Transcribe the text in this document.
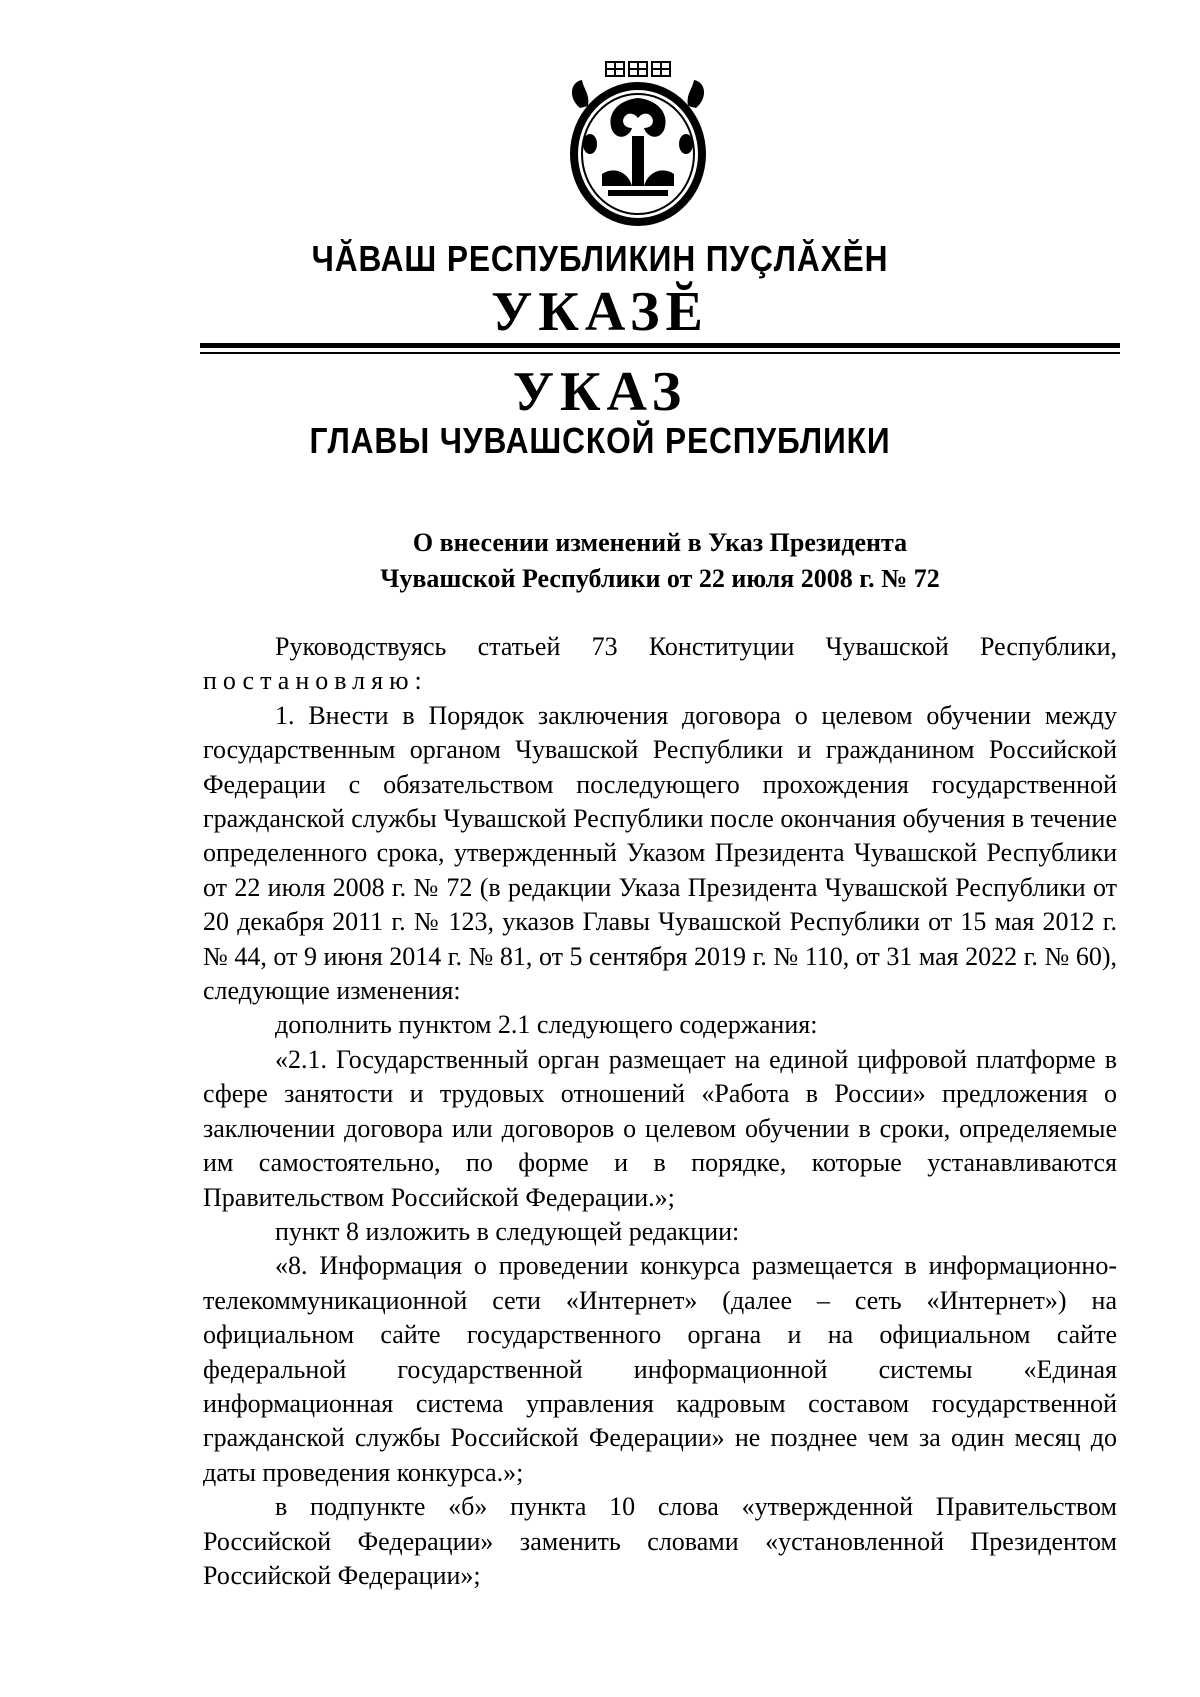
ЧĂВАШ РЕСПУБЛИКИН ПУÇЛĂХĔН
УКАЗĔ
УКАЗ
ГЛАВЫ ЧУВАШСКОЙ РЕСПУБЛИКИ
О внесении изменений в Указ Президента
Чувашской Республики от 22 июля 2008 г. № 72

Руководствуясь статьей 73 Конституции Чувашской Республики,

постановляю:

1. Внести в Порядок заключения договора о целевом обучении между государственным органом Чувашской Республики и гражданином Российской Федерации с обязательством последующего прохождения государственной гражданской службы Чувашской Республики после окончания обучения в течение определенного срока, утвержденный Указом Президента Чувашской Республики от 22 июля 2008 г. № 72 (в редакции Указа Президента Чувашской Республики от 20 декабря 2011 г. № 123, указов Главы Чувашской Республики от 15 мая 2012 г. № 44, от 9 июня 2014 г. № 81, от 5 сентября 2019 г. № 110, от 31 мая 2022 г. № 60), следующие изменения:

дополнить пунктом 2.1 следующего содержания:

«2.1. Государственный орган размещает на единой цифровой платформе в сфере занятости и трудовых отношений «Работа в России» предложения о заключении договора или договоров о целевом обучении в сроки, определяемые им самостоятельно, по форме и в порядке, которые устанавливаются Правительством Российской Федерации.»;

пункт 8 изложить в следующей редакции:

«8. Информация о проведении конкурса размещается в информационно-телекоммуникационной сети «Интернет» (далее – сеть «Интернет») на официальном сайте государственного органа и на официальном сайте федеральной государственной информационной системы «Единая информационная система управления кадровым составом государственной гражданской службы Российской Федерации» не позднее чем за один месяц до даты проведения конкурса.»;

в подпункте «б» пункта 10 слова «утвержденной Правительством Российской Федерации» заменить словами «установленной Президентом Российской Федерации»;
